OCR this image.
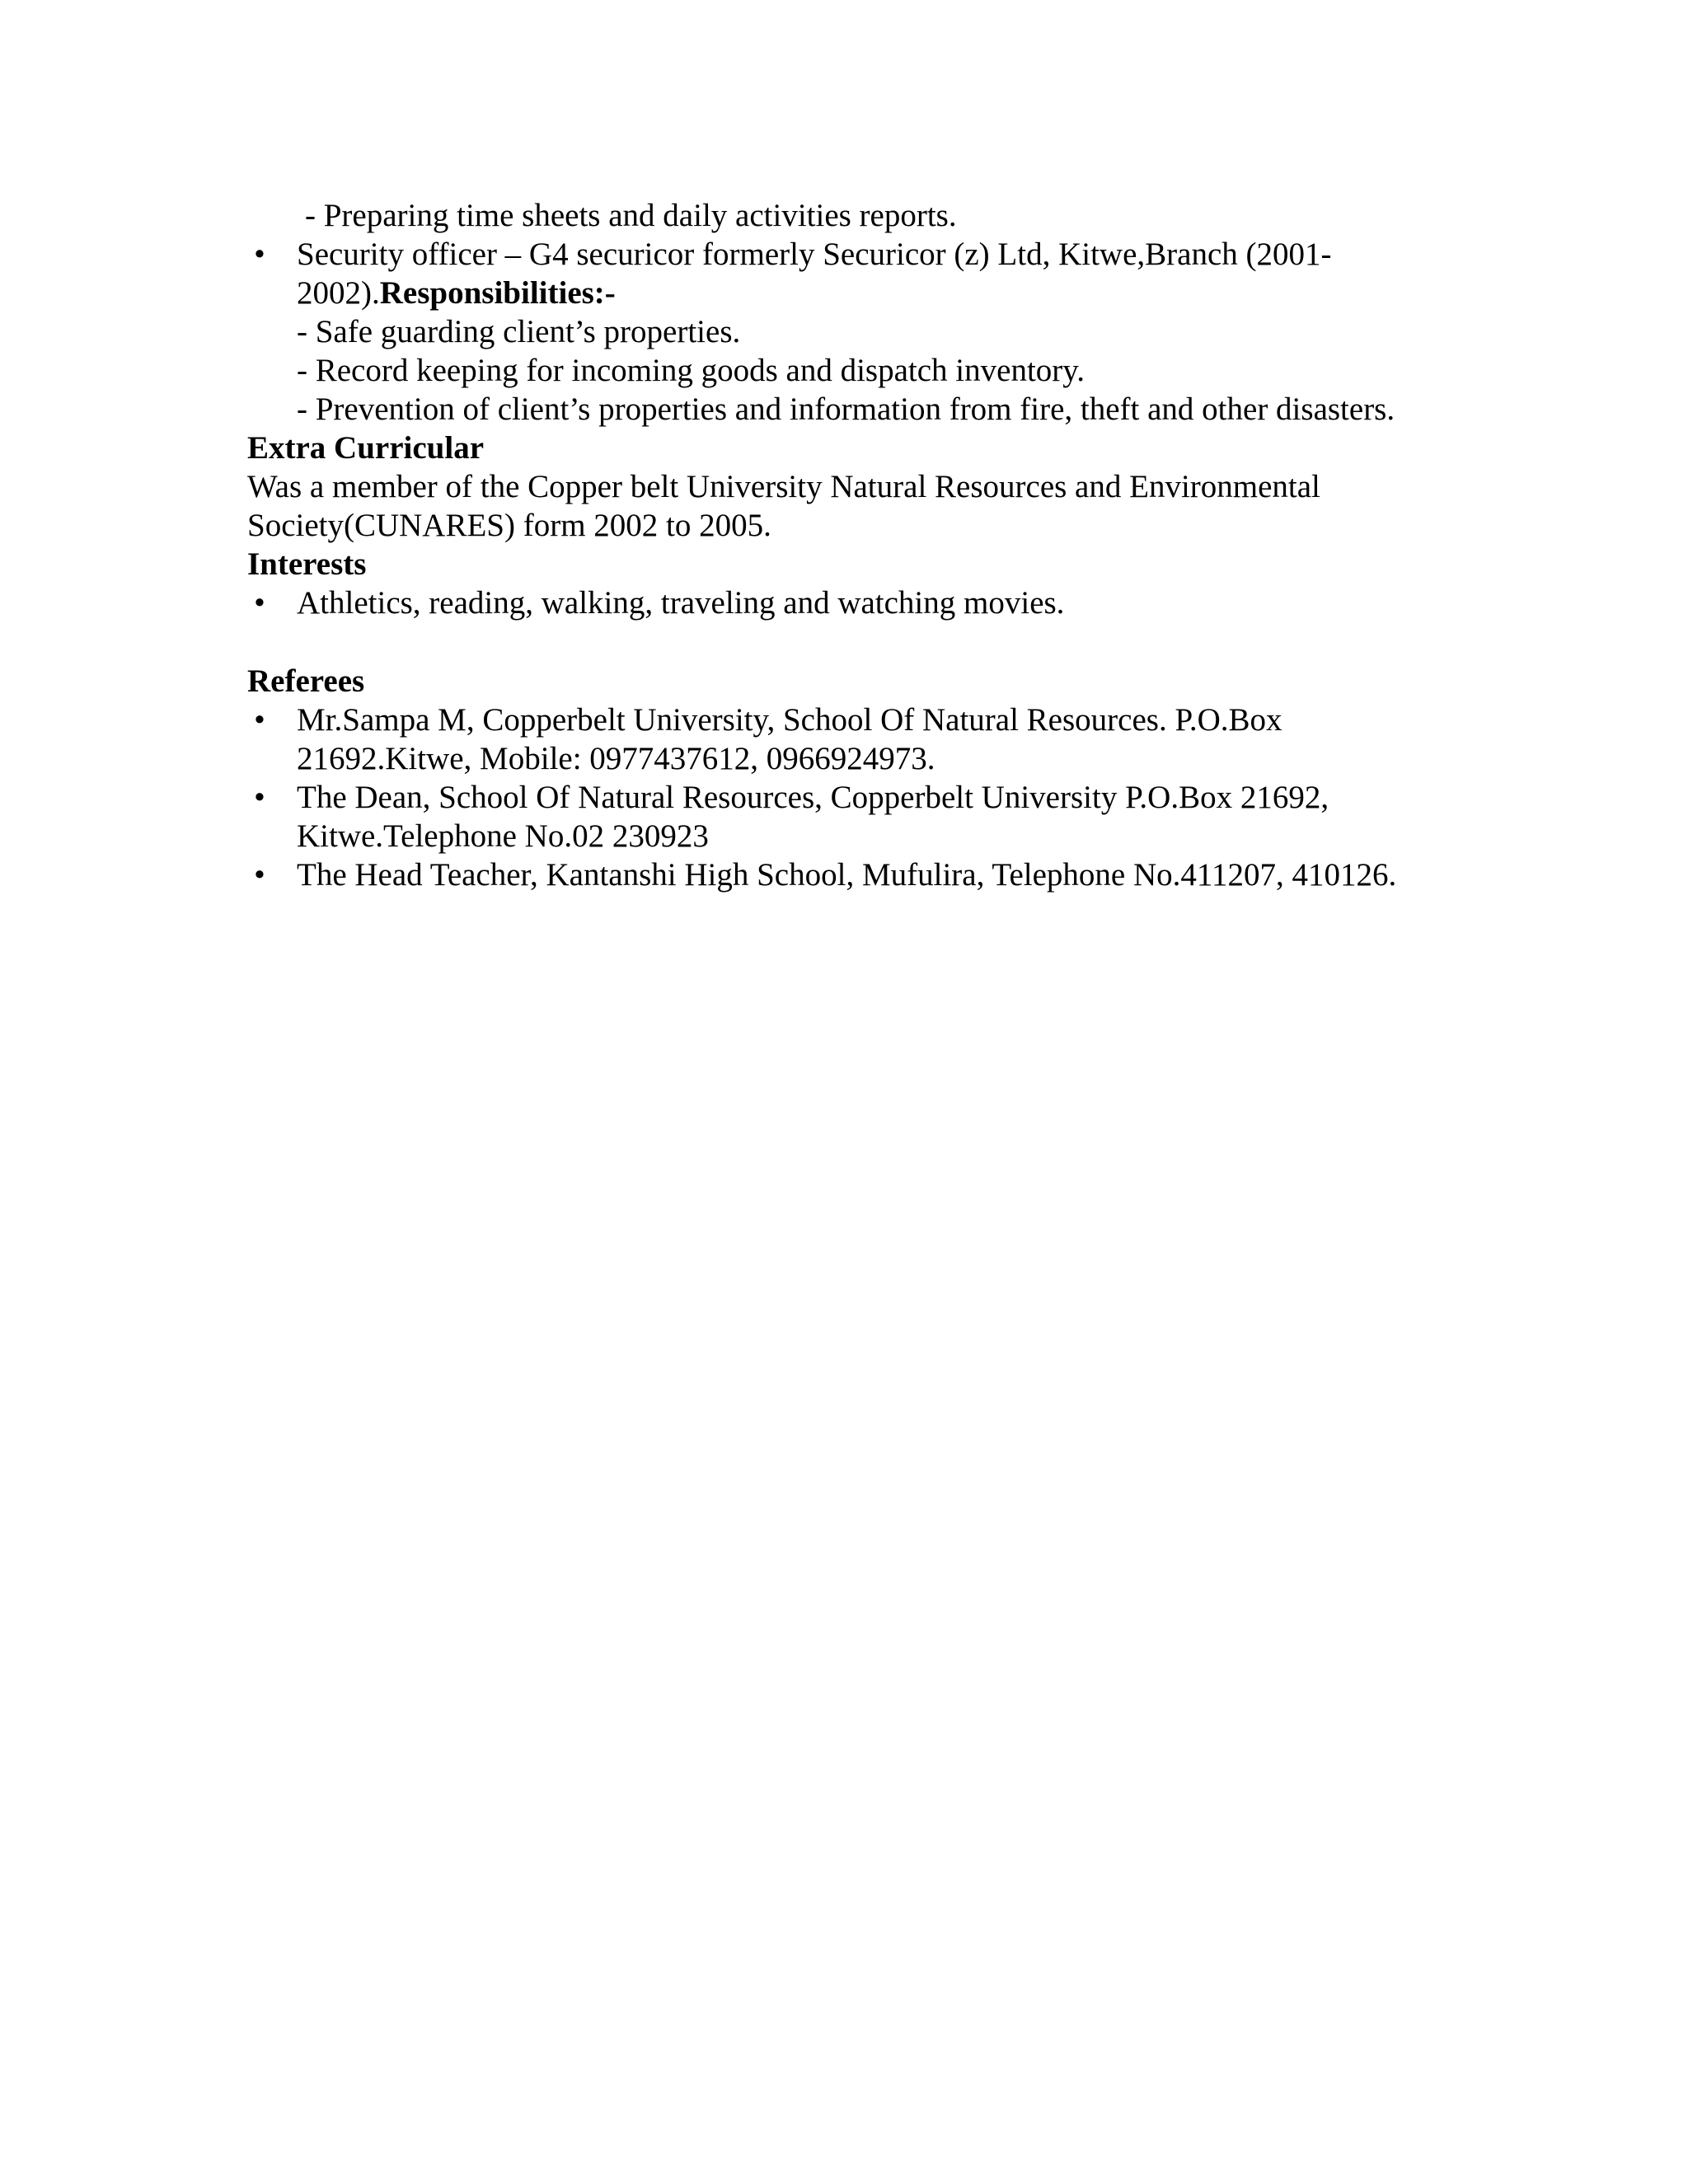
- Preparing time sheets and daily activities reports.
• Security officer – G4 securicor formerly Securicor (z) Ltd, Kitwe,Branch (2001-
2002).Responsibilities:-
- Safe guarding client’s properties.
- Record keeping for incoming goods and dispatch inventory.
- Prevention of client’s properties and information from fire, theft and other disasters.
Extra Curricular
Was a member of the Copper belt University Natural Resources and Environmental
Society(CUNARES) form 2002 to 2005.
Interests
• Athletics, reading, walking, traveling and watching movies.
Referees
• Mr.Sampa M, Copperbelt University, School Of Natural Resources. P.O.Box
21692.Kitwe, Mobile: 0977437612, 0966924973.
• The Dean, School Of Natural Resources, Copperbelt University P.O.Box 21692,
Kitwe.Telephone No.02 230923
• The Head Teacher, Kantanshi High School, Mufulira, Telephone No.411207, 410126.
